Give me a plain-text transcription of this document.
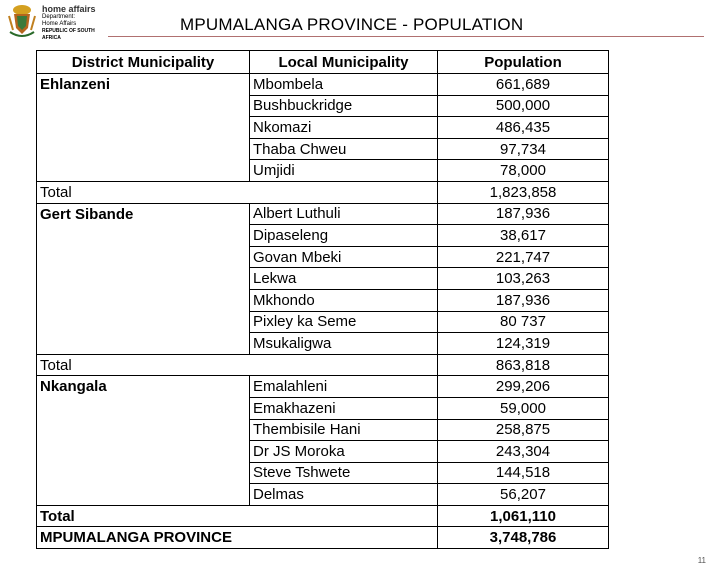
home affairs
Department:
Home Affairs
REPUBLIC OF SOUTH AFRICA
MPUMALANGA PROVINCE - POPULATION
District Municipality	Local Municipality	Population
Ehlanzeni	Mbombela	661,689
	Bushbuckridge	500,000
	Nkomazi	486,435
	Thaba Chweu	97,734
	Umjidi	78,000
Total		1,823,858
Gert Sibande	Albert Luthuli	187,936
	Dipaseleng	38,617
	Govan Mbeki	221,747
	Lekwa	103,263
	Mkhondo	187,936
	Pixley ka Seme	80 737
	Msukaligwa	124,319
Total		863,818
Nkangala	Emalahleni	299,206
	Emakhazeni	59,000
	Thembisile Hani	258,875
	Dr JS Moroka	243,304
	Steve Tshwete	144,518
	Delmas	56,207
Total		1,061,110
MPUMALANGA PROVINCE		3,748,786
11
